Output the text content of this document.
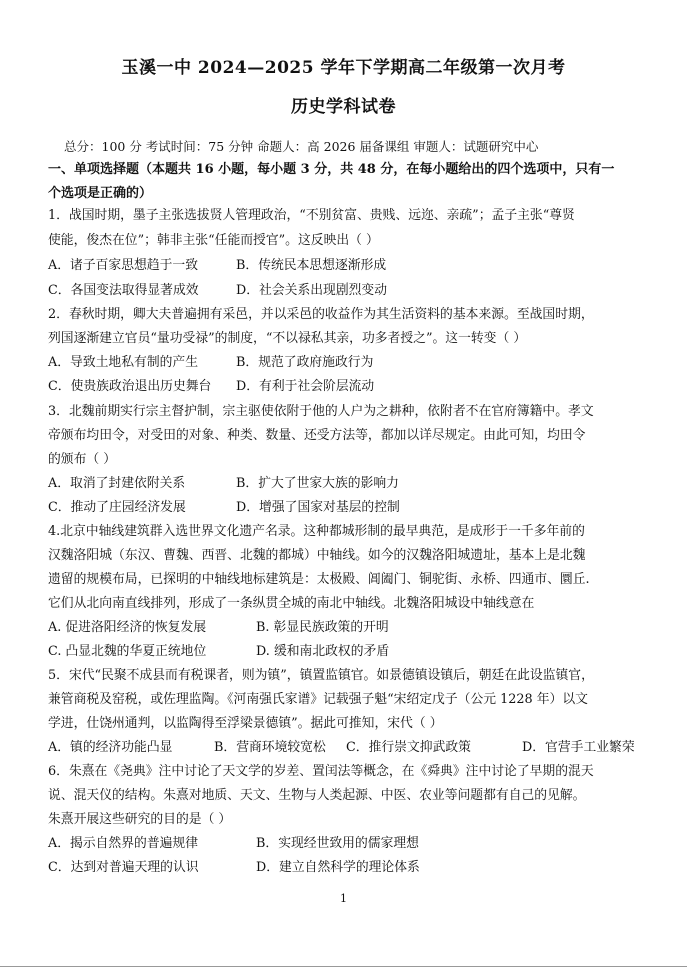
玉溪一中 2024—2025 学年下学期高二年级第一次月考
历史学科试卷
总分：100 分 考试时间：75 分钟 命题人：高 2026 届备课组 审题人：试题研究中心
一、单项选择题（本题共 16 小题，每小题 3 分，共 48 分，在每小题给出的四个选项中，只有一
个选项是正确的）
1．战国时期，墨子主张选拔贤人管理政治，“不别贫富、贵贱、远迩、亲疏”；孟子主张“尊贤
使能，俊杰在位”；韩非主张“任能而授官”。这反映出（ ）
A．诸子百家思想趋于一致	B．传统民本思想逐渐形成
C．各国变法取得显著成效	D．社会关系出现剧烈变动
2．春秋时期，卿大夫普遍拥有采邑，并以采邑的收益作为其生活资料的基本来源。至战国时期，
列国逐渐建立官员“量功受禄”的制度，“不以禄私其亲，功多者授之”。这一转变（ ）
A．导致土地私有制的产生	B．规范了政府施政行为
C．使贵族政治退出历史舞台 D．有利于社会阶层流动
3．北魏前期实行宗主督护制，宗主驱使依附于他的人户为之耕种，依附者不在官府簿籍中。孝文
帝颁布均田令，对受田的对象、种类、数量、还受方法等，都加以详尽规定。由此可知，均田令
的颁布（ ）
A．取消了封建依附关系	B．扩大了世家大族的影响力
C．推动了庄园经济发展	D．增强了国家对基层的控制
4.北京中轴线建筑群入选世界文化遗产名录。这种都城形制的最早典范，是成形于一千多年前的
汉魏洛阳城（东汉、曹魏、西晋、北魏的都城）中轴线。如今的汉魏洛阳城遗址，基本上是北魏
遗留的规模布局，已探明的中轴线地标建筑是：太极殿、阊阖门、铜驼街、永桥、四通市、圜丘.
它们从北向南直线排列，形成了一条纵贯全城的南北中轴线。北魏洛阳城设中轴线意在
A. 促进洛阳经济的恢复发展	B. 彰显民族政策的开明
C. 凸显北魏的华夏正统地位	D. 缓和南北政权的矛盾
5．宋代“民聚不成县而有税课者，则为镇”，镇置监镇官。如景德镇设镇后，朝廷在此设监镇官，
兼管商税及窑税，或佐理监陶。《河南强氏家谱》记载强子魁“宋绍定戊子（公元 1228 年）以文
学进，仕饶州通判，以监陶得至浮梁景德镇”。据此可推知，宋代（ ）
A．镇的经济功能凸显	B．营商环境较宽松 C．推行崇文抑武政策	D．官营手工业繁荣
6．朱熹在《尧典》注中讨论了天文学的岁差、置闰法等概念，在《舜典》注中讨论了早期的混天
说、混天仪的结构。朱熹对地质、天文、生物与人类起源、中医、农业等问题都有自己的见解。
朱熹开展这些研究的目的是（ ）
A．揭示自然界的普遍规律	B．实现经世致用的儒家理想
C．达到对普遍天理的认识	D．建立自然科学的理论体系
1
